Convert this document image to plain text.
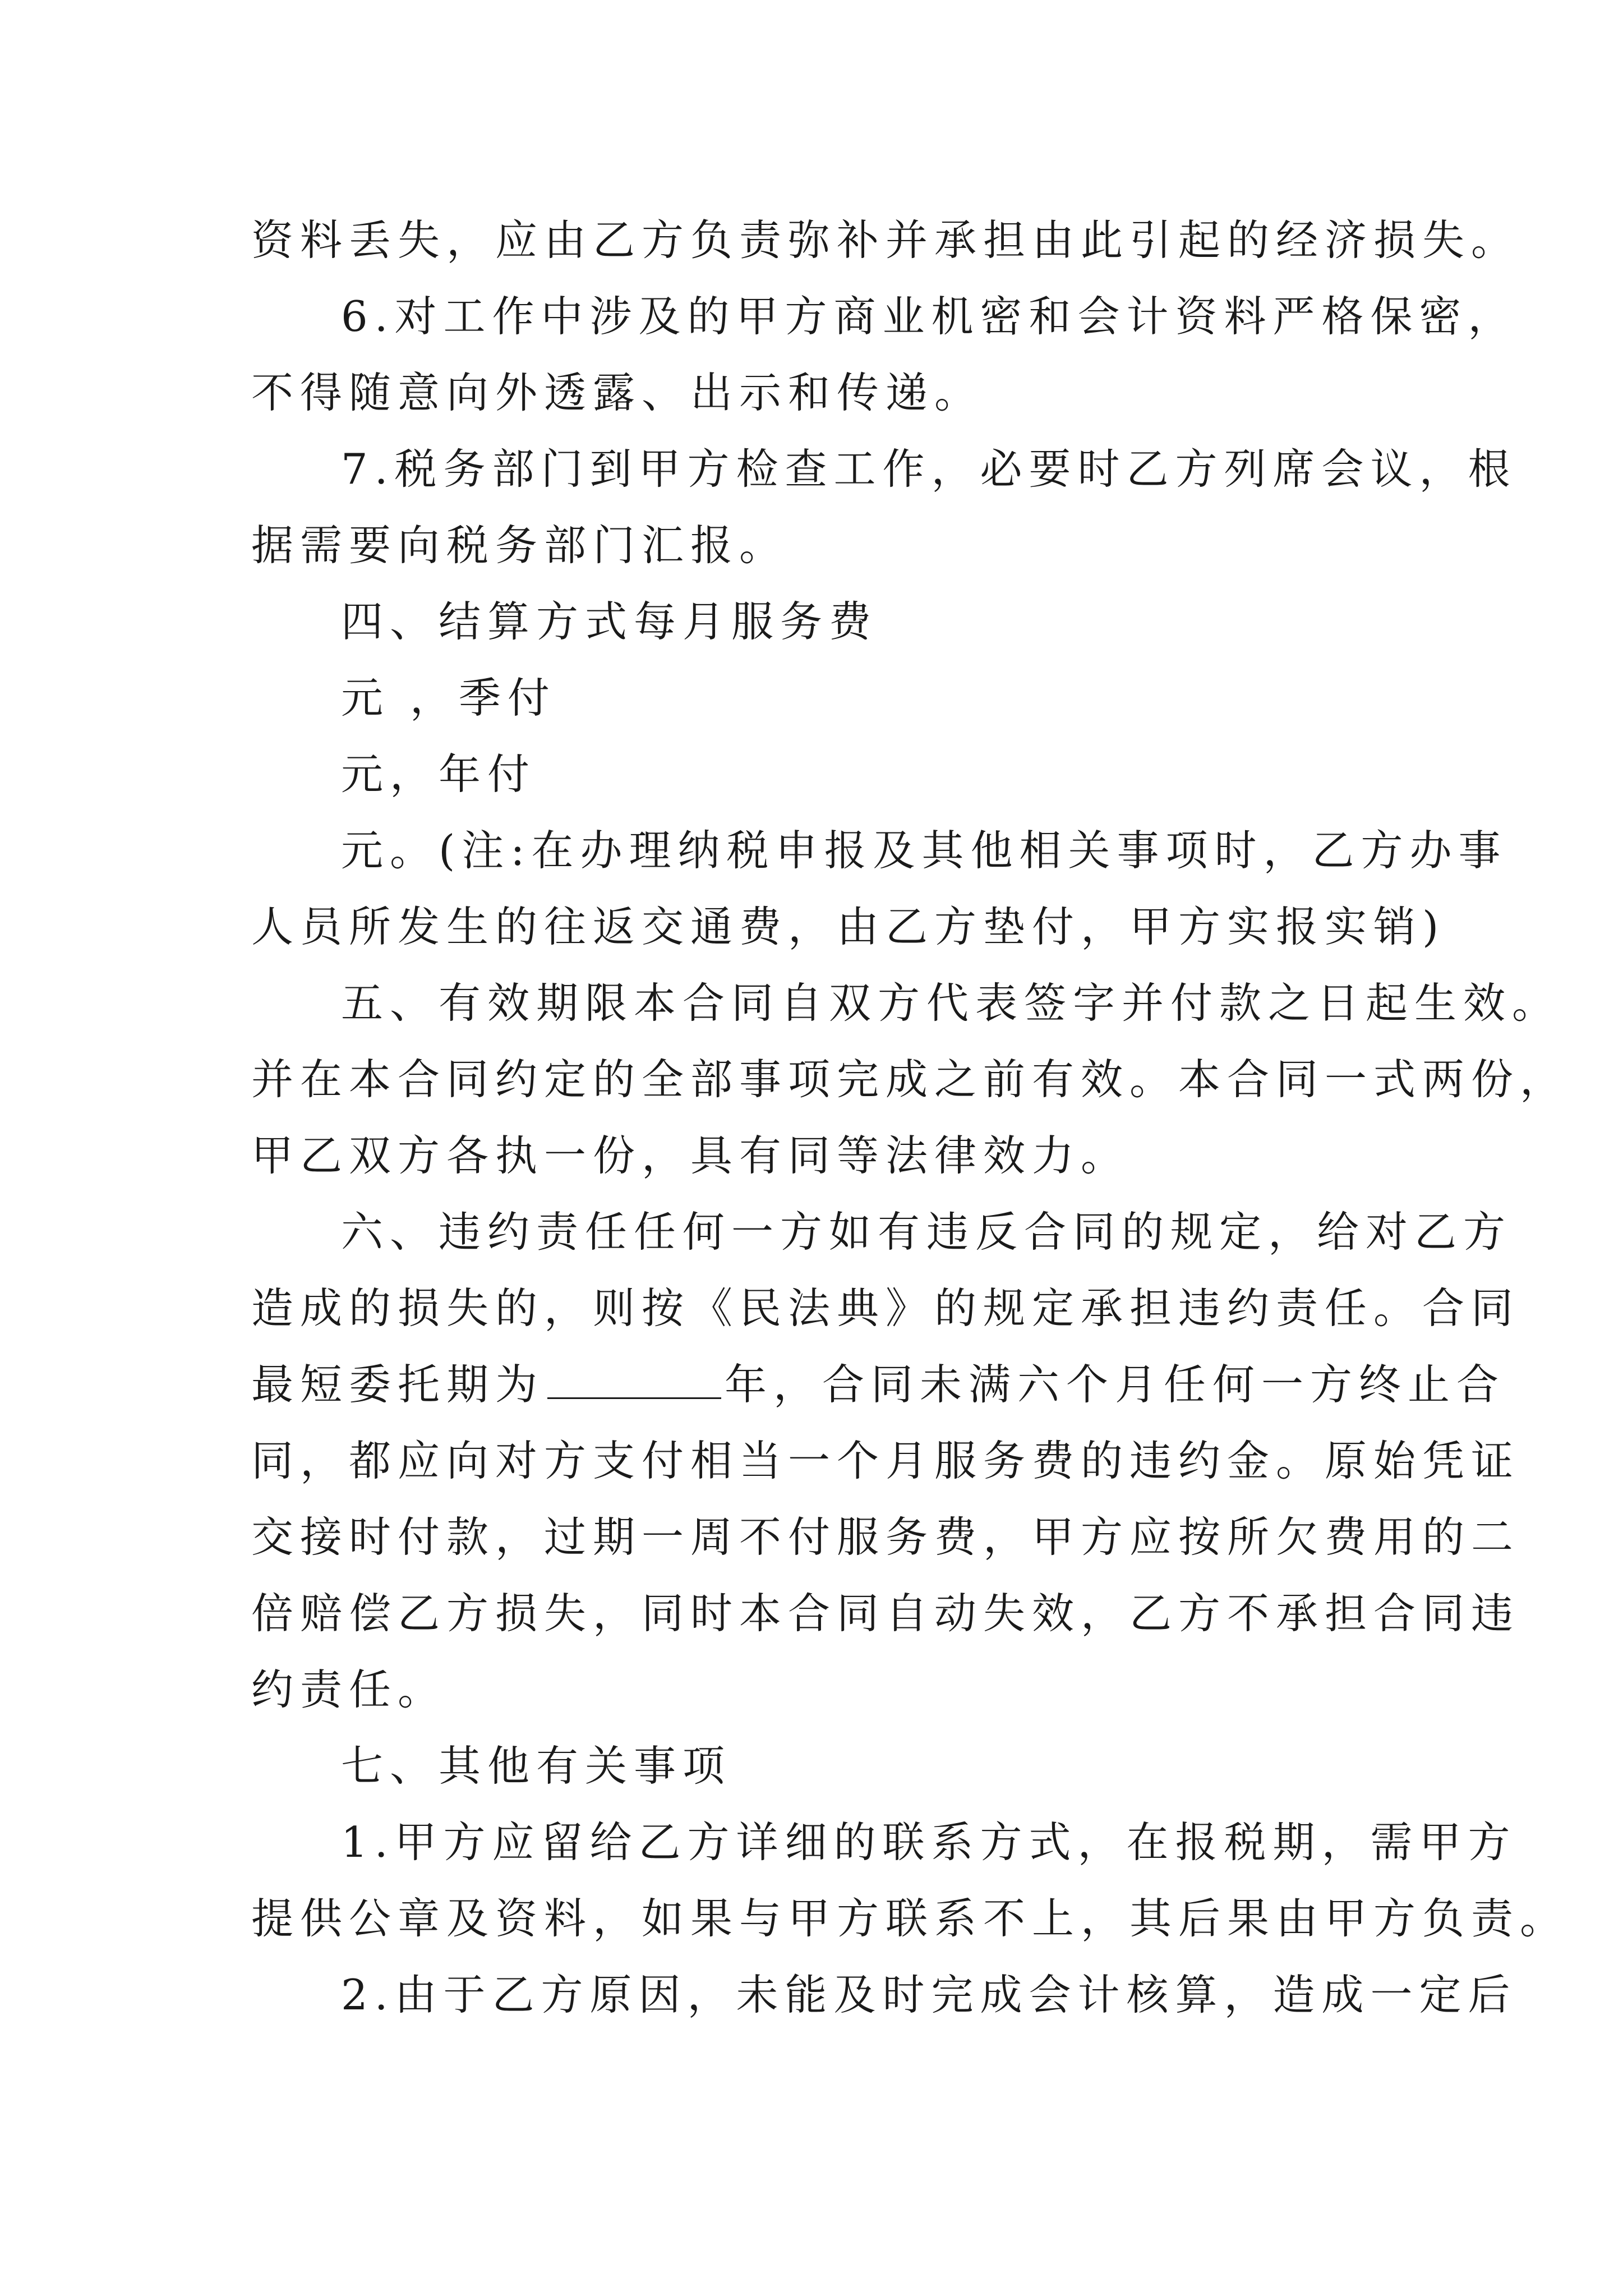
资料丢失，应由乙方负责弥补并承担由此引起的经济损失。
6.对工作中涉及的甲方商业机密和会计资料严格保密，
不得随意向外透露、出示和传递。
7.税务部门到甲方检查工作，必要时乙方列席会议，根
据需要向税务部门汇报。
四、结算方式每月服务费
元 ，季付
元，年付
元。(注:在办理纳税申报及其他相关事项时，乙方办事
人员所发生的往返交通费，由乙方垫付，甲方实报实销)
五、有效期限本合同自双方代表签字并付款之日起生效。
并在本合同约定的全部事项完成之前有效。本合同一式两份，
甲乙双方各执一份，具有同等法律效力。
六、违约责任任何一方如有违反合同的规定，给对乙方
造成的损失的，则按《民法典》的规定承担违约责任。合同
最短委托期为	年，合同未满六个月任何一方终止合
同，都应向对方支付相当一个月服务费的违约金。原始凭证
交接时付款，过期一周不付服务费，甲方应按所欠费用的二
倍赔偿乙方损失，同时本合同自动失效，乙方不承担合同违
约责任。
七、其他有关事项
1.甲方应留给乙方详细的联系方式，在报税期，需甲方
提供公章及资料，如果与甲方联系不上，其后果由甲方负责。
2.由于乙方原因，未能及时完成会计核算，造成一定后
